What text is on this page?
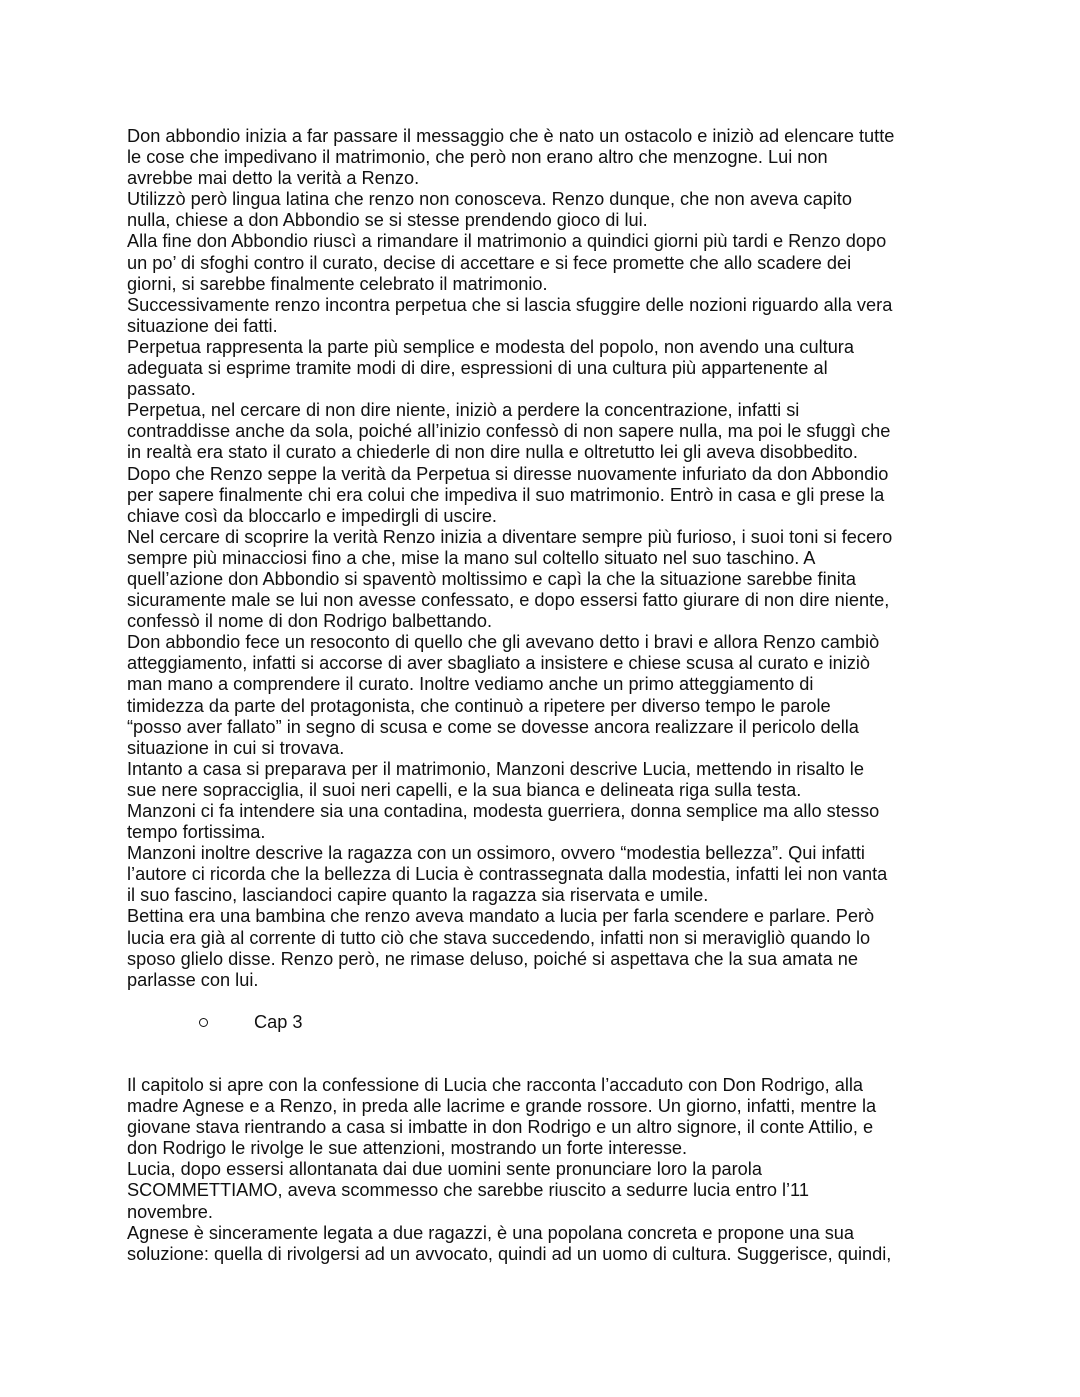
Don abbondio inizia a far passare il messaggio che è nato un ostacolo e iniziò ad elencare tutte
le cose che impedivano il matrimonio, che però non erano altro che menzogne. Lui non
avrebbe mai detto la verità a Renzo.
Utilizzò però lingua latina che renzo non conosceva. Renzo dunque, che non aveva capito
nulla, chiese a don Abbondio se si stesse prendendo gioco di lui.
Alla fine don Abbondio riuscì a rimandare il matrimonio a quindici giorni più tardi e Renzo dopo
un po’ di sfoghi contro il curato, decise di accettare e si fece promette che allo scadere dei
giorni, si sarebbe finalmente celebrato il matrimonio.
Successivamente renzo incontra perpetua che si lascia sfuggire delle nozioni riguardo alla vera
situazione dei fatti.
Perpetua rappresenta la parte più semplice e modesta del popolo, non avendo una cultura
adeguata si esprime tramite modi di dire, espressioni di una cultura più appartenente al
passato.
Perpetua, nel cercare di non dire niente, iniziò a perdere la concentrazione, infatti si
contraddisse anche da sola, poiché all’inizio confessò di non sapere nulla, ma poi le sfuggì che
in realtà era stato il curato a chiederle di non dire nulla e oltretutto lei gli aveva disobbedito.
Dopo che Renzo seppe la verità da Perpetua si diresse nuovamente infuriato da don Abbondio
per sapere finalmente chi era colui che impediva il suo matrimonio. Entrò in casa e gli prese la
chiave così da bloccarlo e impedirgli di uscire.
Nel cercare di scoprire la verità Renzo inizia a diventare sempre più furioso, i suoi toni si fecero
sempre più minacciosi fino a che, mise la mano sul coltello situato nel suo taschino. A
quell’azione don Abbondio si spaventò moltissimo e capì la che la situazione sarebbe finita
sicuramente male se lui non avesse confessato, e dopo essersi fatto giurare di non dire niente,
confessò il nome di don Rodrigo balbettando.
Don abbondio fece un resoconto di quello che gli avevano detto i bravi e allora Renzo cambiò
atteggiamento, infatti si accorse di aver sbagliato a insistere e chiese scusa al curato e iniziò
man mano a comprendere il curato. Inoltre vediamo anche un primo atteggiamento di
timidezza da parte del protagonista, che continuò a ripetere per diverso tempo le parole
“posso aver fallato” in segno di scusa e come se dovesse ancora realizzare il pericolo della
situazione in cui si trovava.
Intanto a casa si preparava per il matrimonio, Manzoni descrive Lucia, mettendo in risalto le
sue nere sopracciglia, il suoi neri capelli, e la sua bianca e delineata riga sulla testa.
Manzoni ci fa intendere sia una contadina, modesta guerriera, donna semplice ma allo stesso
tempo fortissima.
Manzoni inoltre descrive la ragazza con un ossimoro, ovvero “modestia bellezza”. Qui infatti
l’autore ci ricorda che la bellezza di Lucia è contrassegnata dalla modestia, infatti lei non vanta
il suo fascino, lasciandoci capire quanto la ragazza sia riservata e umile.
Bettina era una bambina che renzo aveva mandato a lucia per farla scendere e parlare. Però
lucia era già al corrente di tutto ciò che stava succedendo, infatti non si meravigliò quando lo
sposo glielo disse. Renzo però, ne rimase deluso, poiché si aspettava che la sua amata ne
parlasse con lui.
Cap 3
Il capitolo si apre con la confessione di Lucia che racconta l’accaduto con Don Rodrigo, alla
madre Agnese e a Renzo, in preda alle lacrime e grande rossore. Un giorno, infatti, mentre la
giovane stava rientrando a casa si imbatte in don Rodrigo e un altro signore, il conte Attilio, e
don Rodrigo le rivolge le sue attenzioni, mostrando un forte interesse.
Lucia, dopo essersi allontanata dai due uomini sente pronunciare loro la parola
SCOMMETTIAMO, aveva scommesso che sarebbe riuscito a sedurre lucia entro l’11
novembre.
Agnese è sinceramente legata a due ragazzi, è una popolana concreta e propone una sua
soluzione: quella di rivolgersi ad un avvocato, quindi ad un uomo di cultura. Suggerisce, quindi,
